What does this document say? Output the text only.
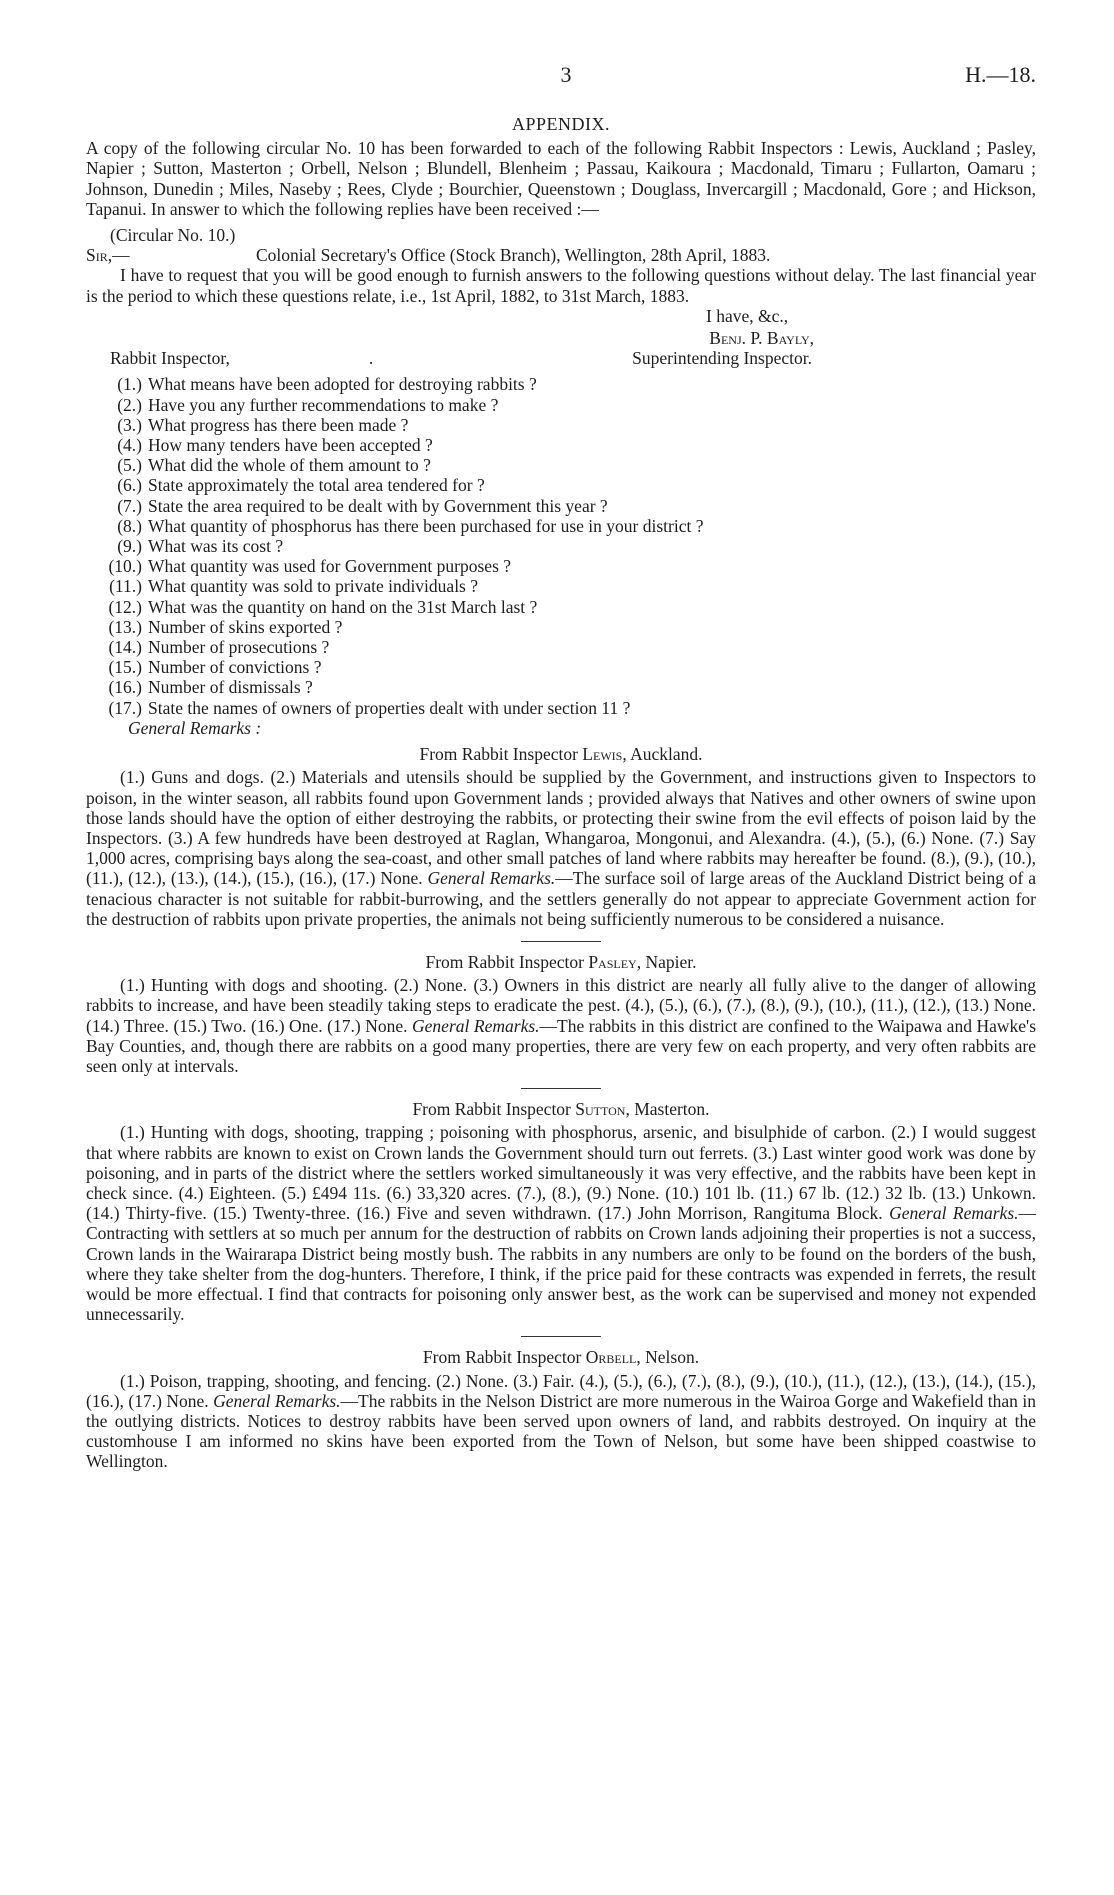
3	H.—18.

APPENDIX.

A copy of the following circular No. 10 has been forwarded to each of the following Rabbit Inspectors : Lewis, Auckland ; Pasley, Napier ; Sutton, Masterton ; Orbell, Nelson ; Blundell, Blenheim ; Passau, Kaikoura ; Macdonald, Timaru ; Fullarton, Oamaru ; Johnson, Dunedin ; Miles, Naseby ; Rees, Clyde ; Bourchier, Queenstown ; Douglass, Invercargill ; Macdonald, Gore ; and Hickson, Tapanui. In answer to which the following replies have been received :—

(Circular No. 10.)

Sir,—	Colonial Secretary's Office (Stock Branch), Wellington, 28th April, 1883.

I have to request that you will be good enough to furnish answers to the following questions without delay. The last financial year is the period to which these questions relate, i.e., 1st April, 1882, to 31st March, 1883.

I have, &c.,
Benj. P. Bayly,
Rabbit Inspector,	.	Superintending Inspector.
(1.) What means have been adopted for destroying rabbits ?
(2.) Have you any further recommendations to make ?
(3.) What progress has there been made ?
(4.) How many tenders have been accepted ?
(5.) What did the whole of them amount to ?
(6.) State approximately the total area tendered for ?
(7.) State the area required to be dealt with by Government this year ?
(8.) What quantity of phosphorus has there been purchased for use in your district ?
(9.) What was its cost ?
(10.) What quantity was used for Government purposes ?
(11.) What quantity was sold to private individuals ?
(12.) What was the quantity on hand on the 31st March last ?
(13.) Number of skins exported ?
(14.) Number of prosecutions ?
(15.) Number of convictions ?
(16.) Number of dismissals ?
(17.) State the names of owners of properties dealt with under section 11 ?

General Remarks :

From Rabbit Inspector Lewis, Auckland.

(1.) Guns and dogs. (2.) Materials and utensils should be supplied by the Government, and instructions given to Inspectors to poison, in the winter season, all rabbits found upon Government lands ; provided always that Natives and other owners of swine upon those lands should have the option of either destroying the rabbits, or protecting their swine from the evil effects of poison laid by the Inspectors. (3.) A few hundreds have been destroyed at Raglan, Whangaroa, Mongonui, and Alexandra. (4.), (5.), (6.) None. (7.) Say 1,000 acres, comprising bays along the sea-coast, and other small patches of land where rabbits may hereafter be found. (8.), (9.), (10.), (11.), (12.), (13.), (14.), (15.), (16.), (17.) None. General Remarks.—The surface soil of large areas of the Auckland District being of a tenacious character is not suitable for rabbit-burrowing, and the settlers generally do not appear to appreciate Government action for the destruction of rabbits upon private properties, the animals not being sufficiently numerous to be considered a nuisance.

From Rabbit Inspector Pasley, Napier.

(1.) Hunting with dogs and shooting. (2.) None. (3.) Owners in this district are nearly all fully alive to the danger of allowing rabbits to increase, and have been steadily taking steps to eradicate the pest. (4.), (5.), (6.), (7.), (8.), (9.), (10.), (11.), (12.), (13.) None. (14.) Three. (15.) Two. (16.) One. (17.) None. General Remarks.—The rabbits in this district are confined to the Waipawa and Hawke's Bay Counties, and, though there are rabbits on a good many properties, there are very few on each property, and very often rabbits are seen only at intervals.

From Rabbit Inspector Sutton, Masterton.

(1.) Hunting with dogs, shooting, trapping ; poisoning with phosphorus, arsenic, and bisulphide of carbon. (2.) I would suggest that where rabbits are known to exist on Crown lands the Government should turn out ferrets. (3.) Last winter good work was done by poisoning, and in parts of the district where the settlers worked simultaneously it was very effective, and the rabbits have been kept in check since. (4.) Eighteen. (5.) £494 11s. (6.) 33,320 acres. (7.), (8.), (9.) None. (10.) 101 lb. (11.) 67 lb. (12.) 32 lb. (13.) Unkown. (14.) Thirty-five. (15.) Twenty-three. (16.) Five and seven withdrawn. (17.) John Morrison, Rangituma Block. General Remarks.—Contracting with settlers at so much per annum for the destruction of rabbits on Crown lands adjoining their properties is not a success, Crown lands in the Wairarapa District being mostly bush. The rabbits in any numbers are only to be found on the borders of the bush, where they take shelter from the dog-hunters. Therefore, I think, if the price paid for these contracts was expended in ferrets, the result would be more effectual. I find that contracts for poisoning only answer best, as the work can be supervised and money not expended unnecessarily.

From Rabbit Inspector Orbell, Nelson.

(1.) Poison, trapping, shooting, and fencing. (2.) None. (3.) Fair. (4.), (5.), (6.), (7.), (8.), (9.), (10.), (11.), (12.), (13.), (14.), (15.), (16.), (17.) None. General Remarks.—The rabbits in the Nelson District are more numerous in the Wairoa Gorge and Wakefield than in the outlying districts. Notices to destroy rabbits have been served upon owners of land, and rabbits destroyed. On inquiry at the customhouse I am informed no skins have been exported from the Town of Nelson, but some have been shipped coastwise to Wellington.
